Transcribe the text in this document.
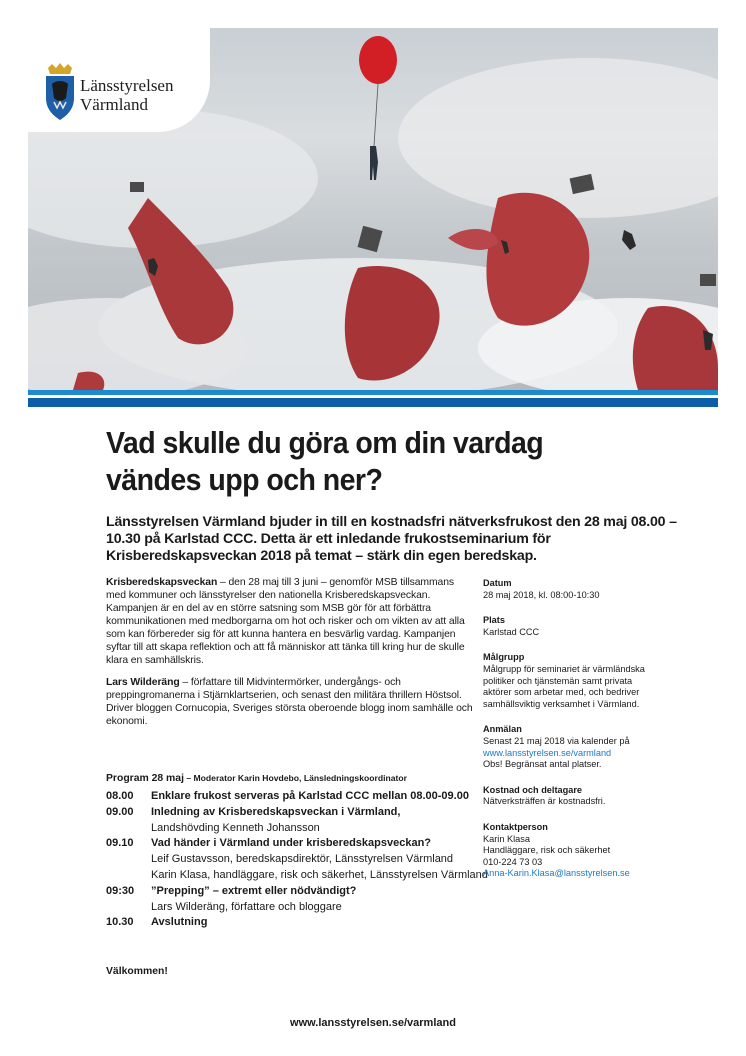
Länsstyrelsen
Värmland
Vad skulle du göra om din vardag vändes upp och ner?

Länsstyrelsen Värmland bjuder in till en kostnadsfri nätverksfrukost den 28 maj 08.00 – 10.30 på Karlstad CCC. Detta är ett inledande frukostseminarium för Krisberedskapsveckan 2018 på temat – stärk din egen beredskap.

Krisberedskapsveckan – den 28 maj till 3 juni – genomför MSB tillsammans med kommuner och länsstyrelser den nationella Krisberedskapsveckan. Kampanjen är en del av en större satsning som MSB gör för att förbättra kommunikationen med medborgarna om hot och risker och om vikten av att alla som kan förbereder sig för att kunna hantera en besvärlig vardag. Kampanjen syftar till att skapa reflektion och att få människor att tänka till kring hur de skulle klara en samhällskris.

Lars Wilderäng – författare till Midvintermörker, undergångs- och preppingromanerna i Stjärnklartserien, och senast den militära thrillern Höstsol. Driver bloggen Cornucopia, Sveriges största oberoende blogg inom samhälle och ekonomi.

Program 28 maj – Moderator Karin Hovdebo, Länsledningskoordinator
08.00	Enklare frukost serveras på Karlstad CCC mellan 08.00-09.00
09.00	Inledning av Krisberedskapsveckan i Värmland,
Landshövding Kenneth Johansson
09.10	Vad händer i Värmland under krisberedskapsveckan?
Leif Gustavsson, beredskapsdirektör, Länsstyrelsen Värmland
Karin Klasa, handläggare, risk och säkerhet, Länsstyrelsen Värmland
09:30	”Prepping” – extremt eller nödvändigt?
Lars Wilderäng, författare och bloggare
10.30	Avslutning
Välkommen!
Datum
28 maj 2018, kl. 08:00-10:30
Plats
Karlstad CCC
Målgrupp
Målgrupp för seminariet är värmländska politiker och tjänstemän samt privata aktörer som arbetar med, och bedriver samhällsviktig verksamhet i Värmland.
Anmälan
Senast 21 maj 2018 via kalender på
www.lansstyrelsen.se/varmland
Obs! Begränsat antal platser.
Kostnad och deltagare
Nätverksträffen är kostnadsfri.
Kontaktperson
Karin Klasa
Handläggare, risk och säkerhet
010-224 73 03
Anna-Karin.Klasa@lansstyrelsen.se
www.lansstyrelsen.se/varmland
